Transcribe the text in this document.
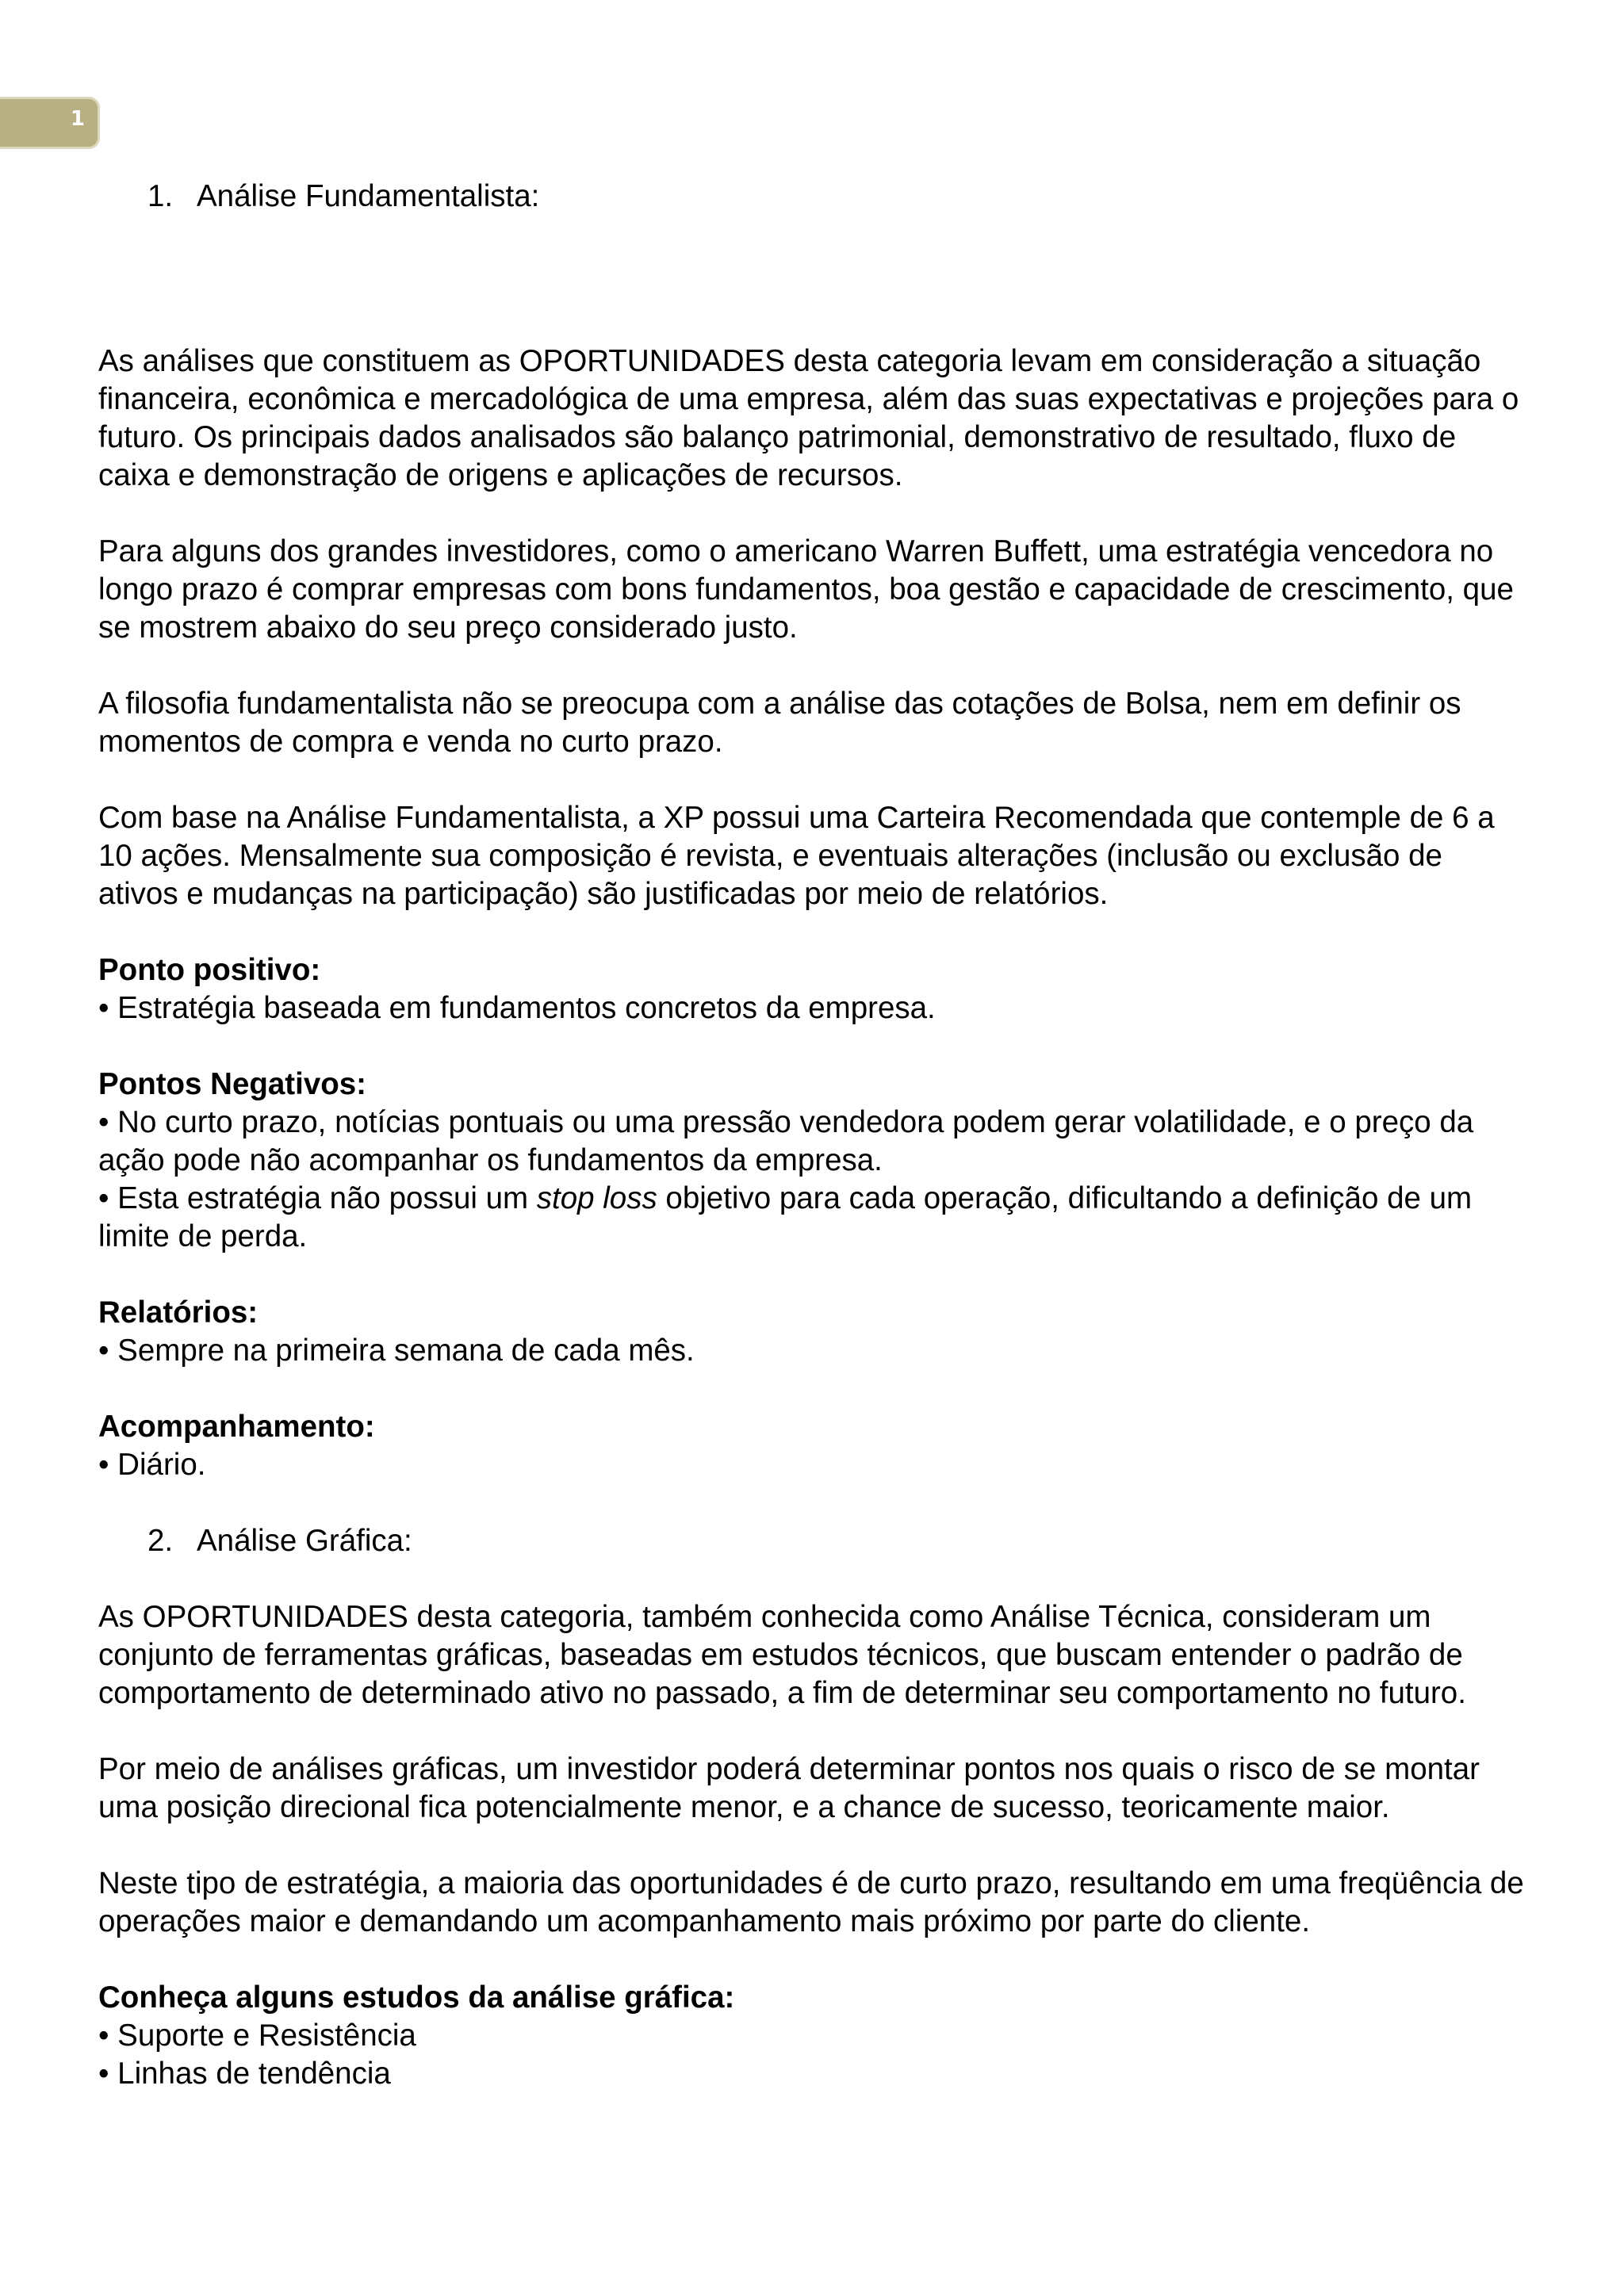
1
1. Análise Fundamentalista:

As análises que constituem as OPORTUNIDADES desta categoria levam em consideração a situação financeira, econômica e mercadológica de uma empresa, além das suas expectativas e projeções para o futuro. Os principais dados analisados são balanço patrimonial, demonstrativo de resultado, fluxo de caixa e demonstração de origens e aplicações de recursos.

Para alguns dos grandes investidores, como o americano Warren Buffett, uma estratégia vencedora no longo prazo é comprar empresas com bons fundamentos, boa gestão e capacidade de crescimento, que se mostrem abaixo do seu preço considerado justo.

A filosofia fundamentalista não se preocupa com a análise das cotações de Bolsa, nem em definir os momentos de compra e venda no curto prazo.

Com base na Análise Fundamentalista, a XP possui uma Carteira Recomendada que contemple de 6 a 10 ações. Mensalmente sua composição é revista, e eventuais alterações (inclusão ou exclusão de ativos e mudanças na participação) são justificadas por meio de relatórios.

Ponto positivo:

• Estratégia baseada em fundamentos concretos da empresa.

Pontos Negativos:

• No curto prazo, notícias pontuais ou uma pressão vendedora podem gerar volatilidade, e o preço da ação pode não acompanhar os fundamentos da empresa.

• Esta estratégia não possui um stop loss objetivo para cada operação, dificultando a definição de um limite de perda.

Relatórios:

• Sempre na primeira semana de cada mês.

Acompanhamento:

• Diário.

2. Análise Gráfica:

As OPORTUNIDADES desta categoria, também conhecida como Análise Técnica, consideram um conjunto de ferramentas gráficas, baseadas em estudos técnicos, que buscam entender o padrão de comportamento de determinado ativo no passado, a fim de determinar seu comportamento no futuro.

Por meio de análises gráficas, um investidor poderá determinar pontos nos quais o risco de se montar uma posição direcional fica potencialmente menor, e a chance de sucesso, teoricamente maior.

Neste tipo de estratégia, a maioria das oportunidades é de curto prazo, resultando em uma freqüência de operações maior e demandando um acompanhamento mais próximo por parte do cliente.

Conheça alguns estudos da análise gráfica:

• Suporte e Resistência

• Linhas de tendência
